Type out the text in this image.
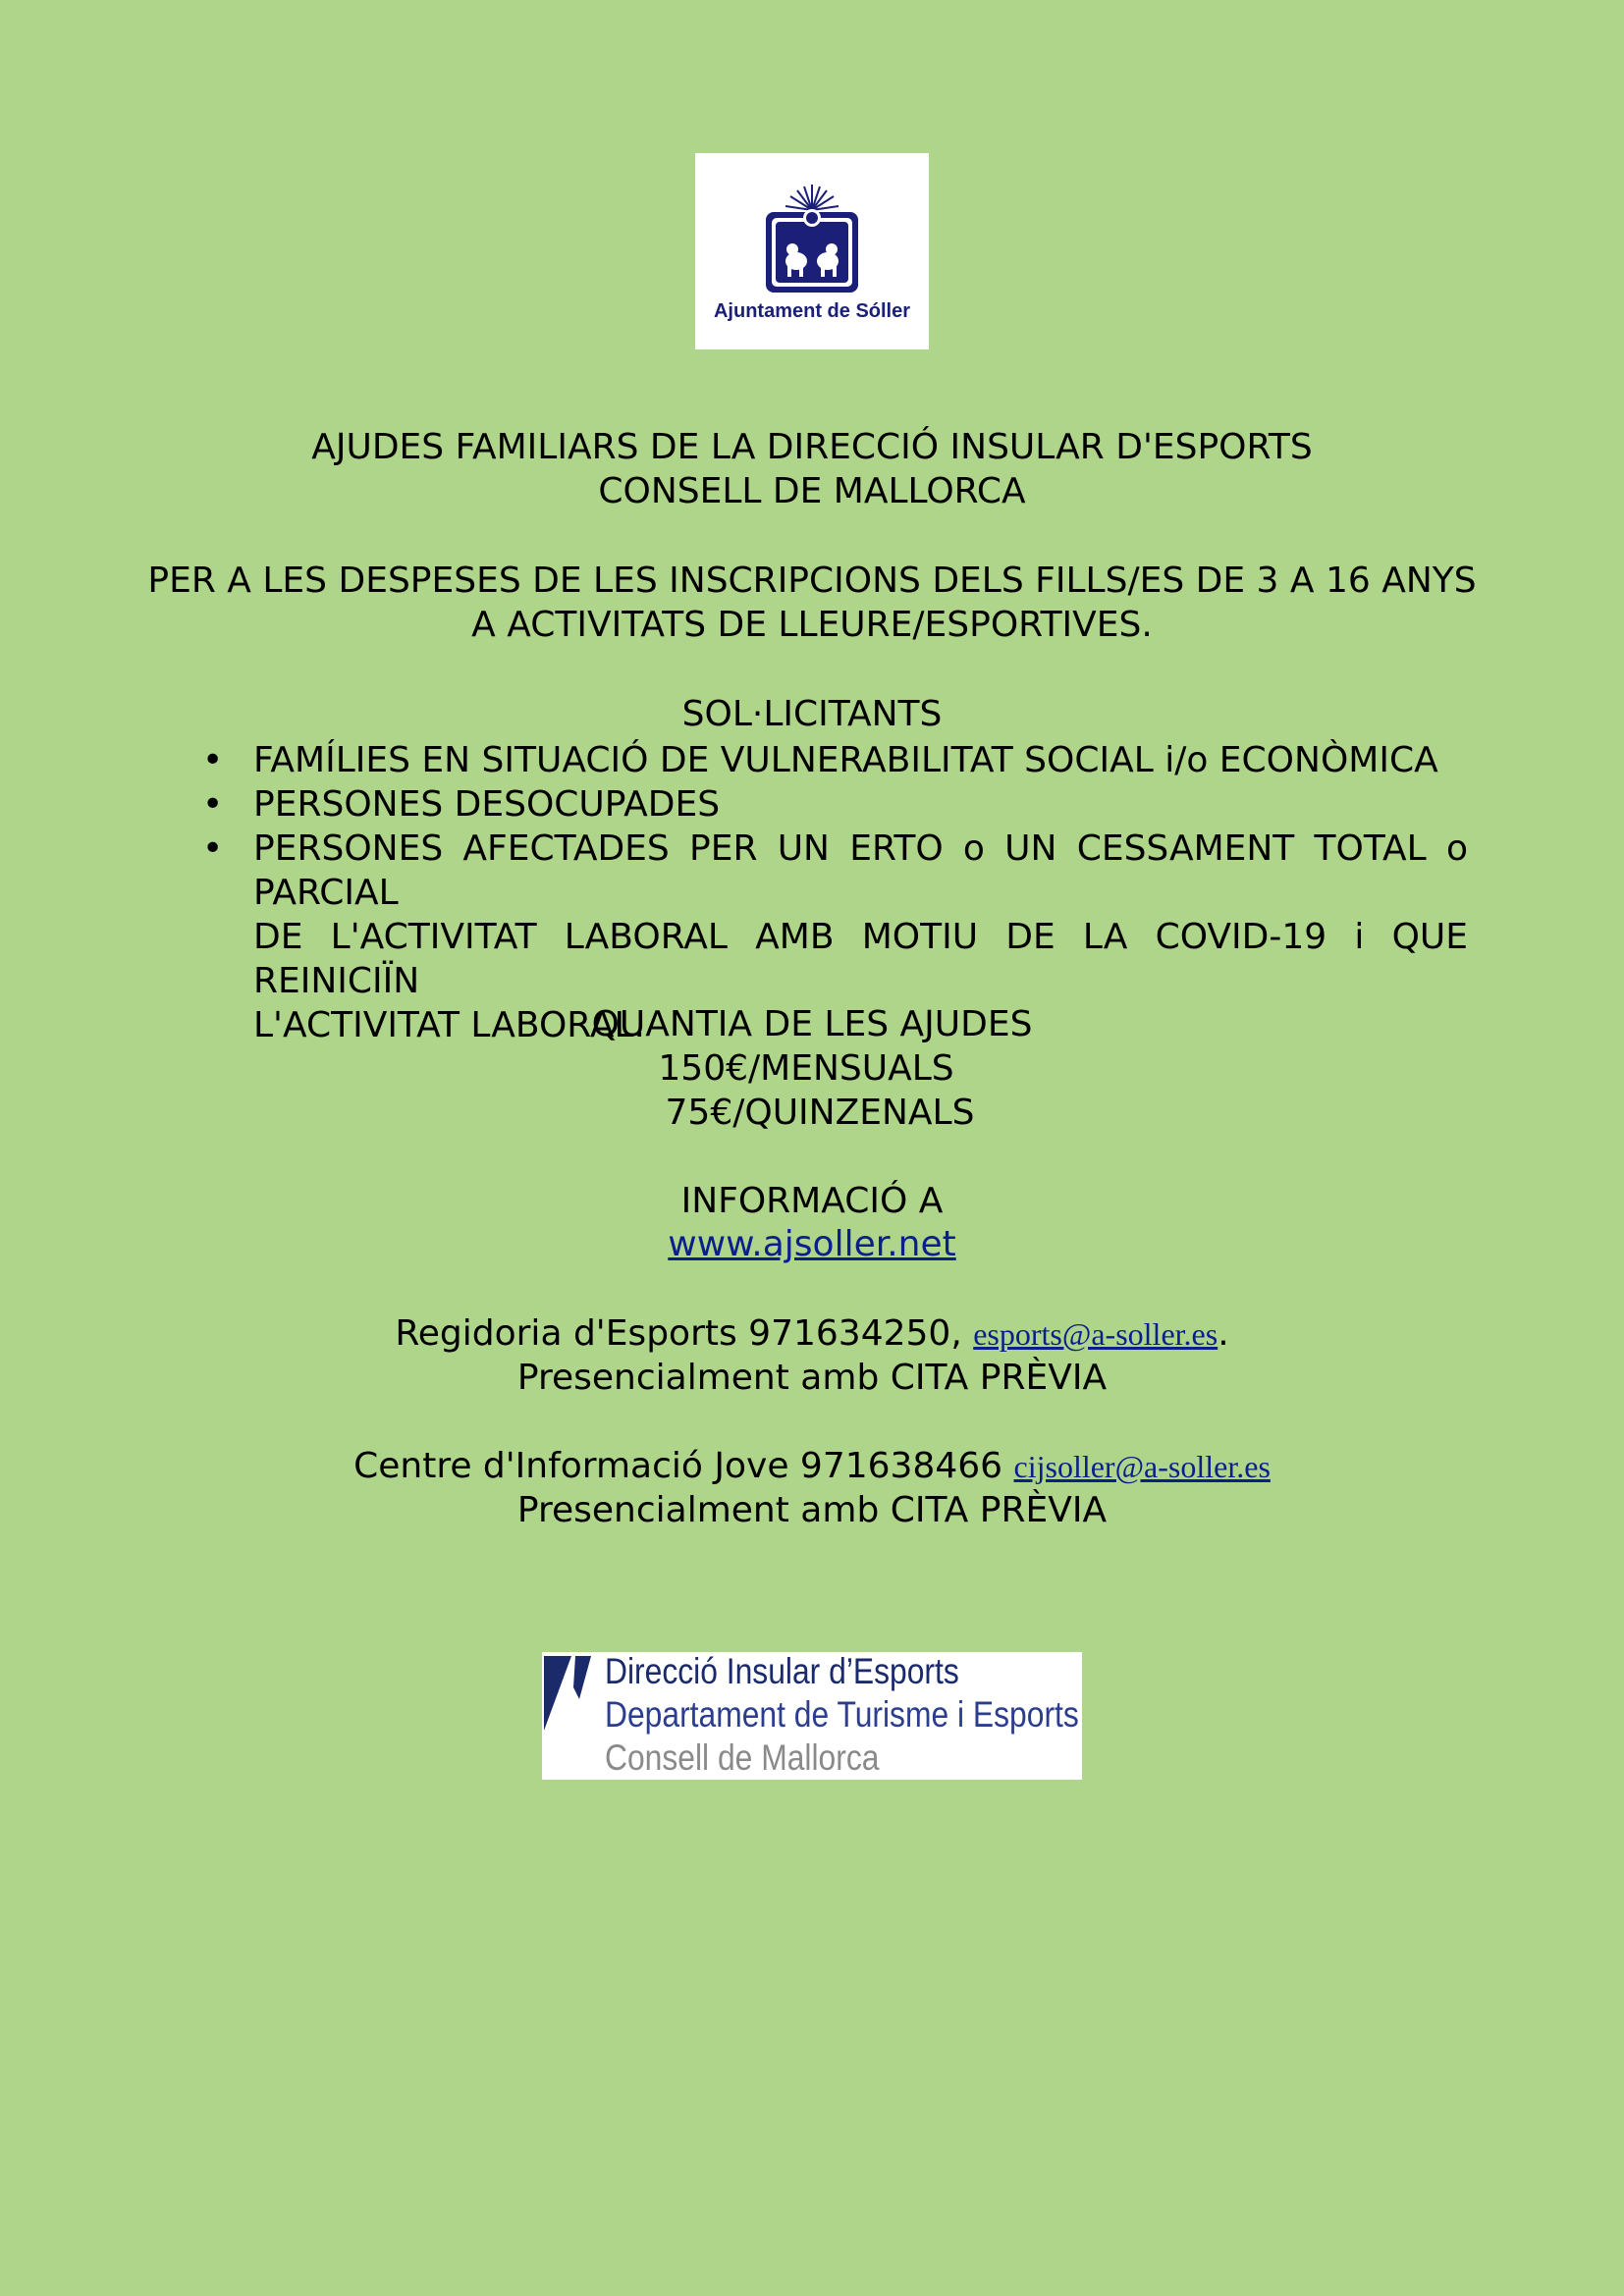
Ajuntament de Sóller
AJUDES FAMILIARS DE LA DIRECCIÓ INSULAR D'ESPORTS
CONSELL DE MALLORCA
PER A LES DESPESES DE LES INSCRIPCIONS DELS FILLS/ES DE 3 A 16 ANYS
A ACTIVITATS DE LLEURE/ESPORTIVES.
SOL·LICITANTS
• FAMÍLIES EN SITUACIÓ DE VULNERABILITAT SOCIAL i/o ECONÒMICA
• PERSONES DESOCUPADES
• PERSONES AFECTADES PER UN ERTO o UN CESSAMENT TOTAL o PARCIAL
DE L'ACTIVITAT LABORAL AMB MOTIU DE LA COVID-19 i QUE REINICIÏN
L'ACTIVITAT LABORAL.
QUANTIA DE LES AJUDES
150€/MENSUALS
75€/QUINZENALS
INFORMACIÓ A
www.ajsoller.net
Regidoria d'Esports 971634250, esports@a-soller.es.
Presencialment amb CITA PRÈVIA
Centre d'Informació Jove 971638466 cijsoller@a-soller.es
Presencialment amb CITA PRÈVIA
Direcció Insular d’Esports
Departament de Turisme i Esports
Consell de Mallorca
